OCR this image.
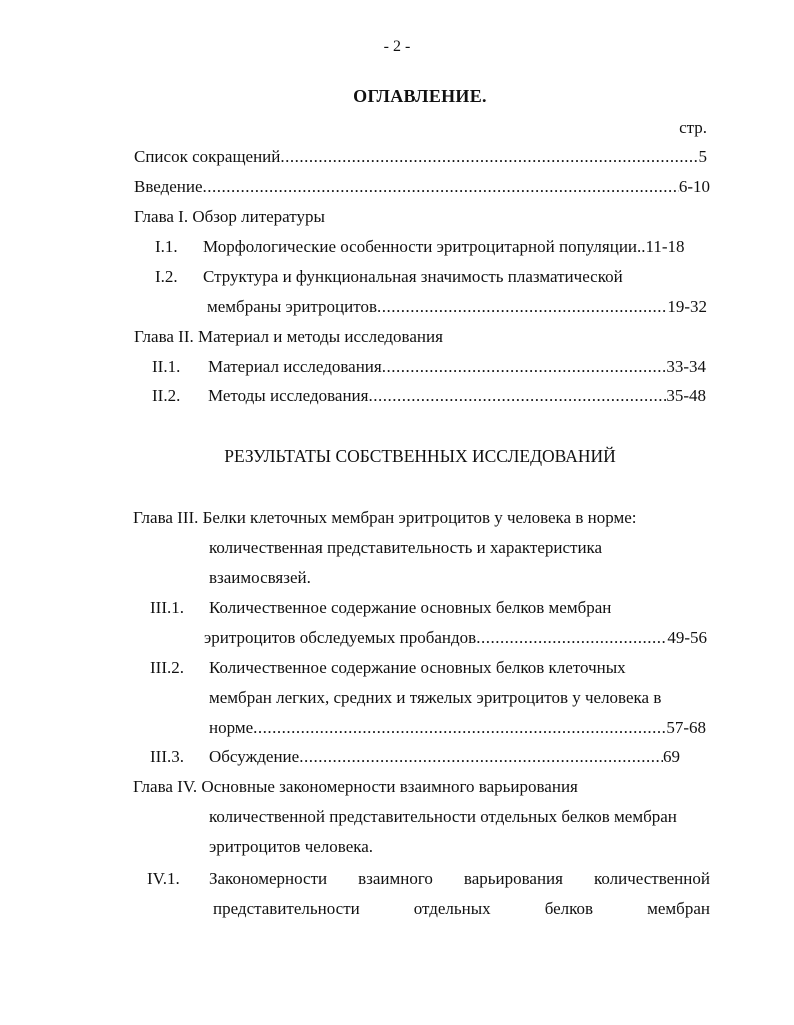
- 2 -
ОГЛАВЛЕНИЕ.
стр.
Список сокращений .....	5
Введение .....	6-10
Глава I. Обзор литературы
I.1. Морфологические особенности эритроцитарной популяции.. 11-18
I.2. Структура и функциональная значимость плазматической
мембраны эритроцитов .....	19-32
Глава II. Материал и методы исследования
II.1. Материал исследования .....	33-34
II.2. Методы исследования .....	35-48
РЕЗУЛЬТАТЫ СОБСТВЕННЫХ ИССЛЕДОВАНИЙ
Глава III. Белки клеточных мембран эритроцитов у человека в норме:
количественная представительность и характеристика
взаимосвязей.
III.1. Количественное содержание основных белков мембран
эритроцитов обследуемых пробандов .....	49-56
III.2. Количественное содержание основных белков клеточных
мембран легких, средних и тяжелых эритроцитов у человека в
норме .....	57-68
III.3. Обсуждение .....	69
Глава IV. Основные закономерности взаимного варьирования
количественной представительности отдельных белков мембран
эритроцитов человека.
IV.1. Закономерности взаимного варьирования количественной
представительности	отдельных	белков	мембран
